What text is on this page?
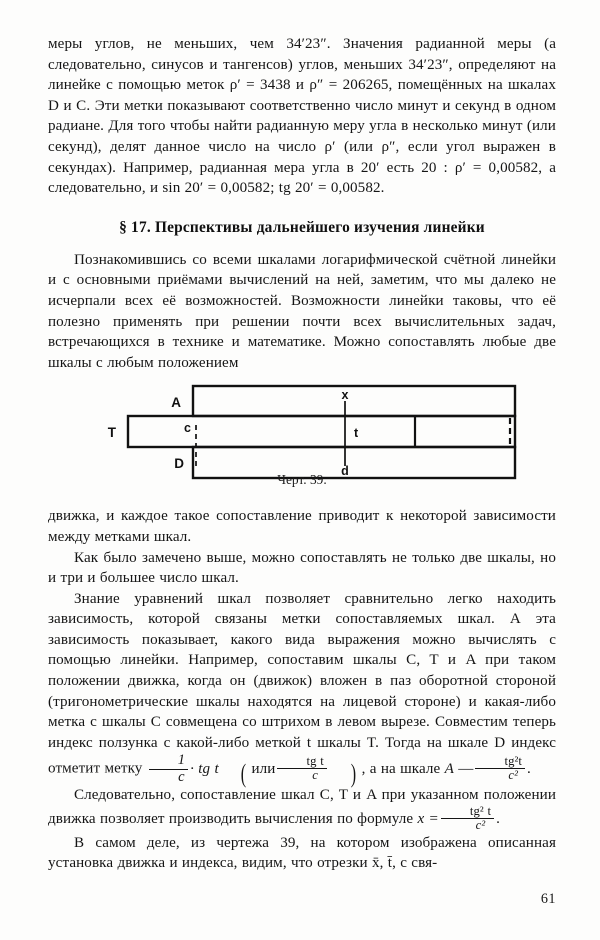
меры углов, не меньших, чем 34′23″. Значения радианной меры (а следовательно, синусов и тангенсов) углов, меньших 34′23″, определяют на линейке с помощью меток ρ′ = 3438 и ρ″ = 206265, помещённых на шкалах D и C. Эти метки показывают соответственно число минут и секунд в одном радиане. Для того чтобы найти радианную меру угла в несколько минут (или секунд), делят данное число на число ρ′ (или ρ″, если угол выражен в секундах). Например, радианная мера угла в 20′ есть 20 : ρ′ = 0,00582, а следовательно, и sin 20′ = 0,00582; tg 20′ = 0,00582.

§ 17. Перспективы дальнейшего изучения линейки

Познакомившись со всеми шкалами логарифмической счётной линейки и с основными приёмами вычислений на ней, заметим, что мы далеко не исчерпали всех её возможностей. Возможности линейки таковы, что её полезно применять при решении почти всех вычислительных задач, встречающихся в технике и математике. Можно сопоставлять любые две шкалы с любым положением

A
T
D
c
x
t
d
Черт. 39.

движка, и каждое такое сопоставление приводит к некоторой зависимости между метками шкал.

Как было замечено выше, можно сопоставлять не только две шкалы, но и три и большее число шкал.

Знание уравнений шкал позволяет сравнительно легко находить зависимость, которой связаны метки сопоставляемых шкал. А эта зависимость показывает, какого вида выражения можно вычислять с помощью линейки. Например, сопоставим шкалы C, T и A при таком положении движка, когда он (движок) вложен в паз оборотной стороной (тригонометрические шкалы находятся на лицевой стороне) и какая-либо метка c шкалы C совмещена со штрихом в левом вырезе. Совместим теперь индекс ползунка с какой-либо меткой t шкалы T. Тогда на шкале D индекс отметит метку $\frac{1}{c}$ · tg t ( или $\frac{\text{tg t}}{c}$ ) , а на шкале A — $\frac{\text{tg²t}}{\text{c²}}$ .

Следовательно, сопоставление шкал C, T и A при указанном положении движка позволяет производить вычисления по формуле $x = \frac{\text{tg² t}}{\text{c²}}$ .

В самом деле, из чертежа 39, на котором изображена описанная установка движка и индекса, видим, что отрезки x̄, t̄, c свя-

61
